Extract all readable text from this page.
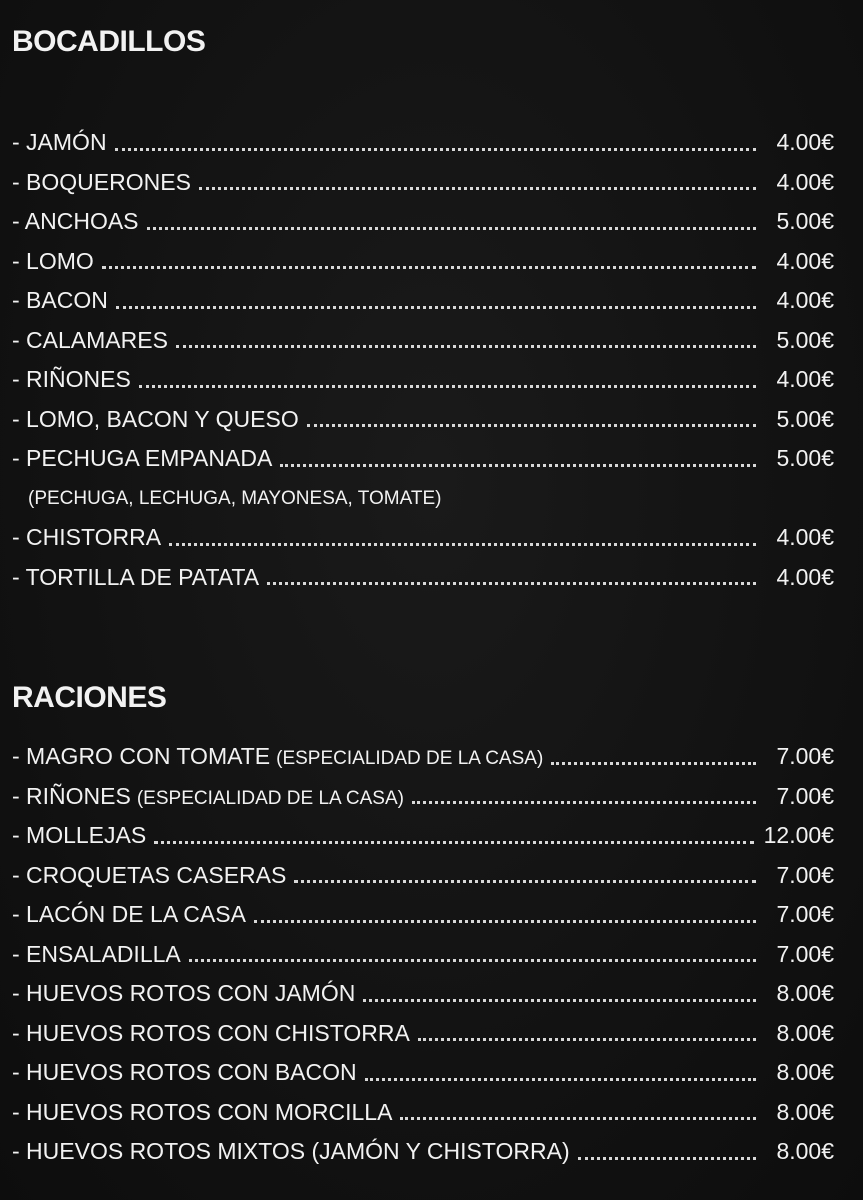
BOCADILLOS
- JAMÓN	4.00€
- BOQUERONES	4.00€
- ANCHOAS	5.00€
- LOMO	4.00€
- BACON	4.00€
- CALAMARES	5.00€
- RIÑONES	4.00€
- LOMO, BACON Y QUESO	5.00€
- PECHUGA EMPANADA	5.00€
(PECHUGA, LECHUGA, MAYONESA, TOMATE)
- CHISTORRA	4.00€
- TORTILLA DE PATATA	4.00€
RACIONES
- MAGRO CON TOMATE (ESPECIALIDAD DE LA CASA)	7.00€
- RIÑONES (ESPECIALIDAD DE LA CASA)	7.00€
- MOLLEJAS	12.00€
- CROQUETAS CASERAS	7.00€
- LACÓN DE LA CASA	7.00€
- ENSALADILLA	7.00€
- HUEVOS ROTOS CON JAMÓN	8.00€
- HUEVOS ROTOS CON CHISTORRA	8.00€
- HUEVOS ROTOS CON BACON	8.00€
- HUEVOS ROTOS CON MORCILLA	8.00€
- HUEVOS ROTOS MIXTOS (JAMÓN Y CHISTORRA)	8.00€
